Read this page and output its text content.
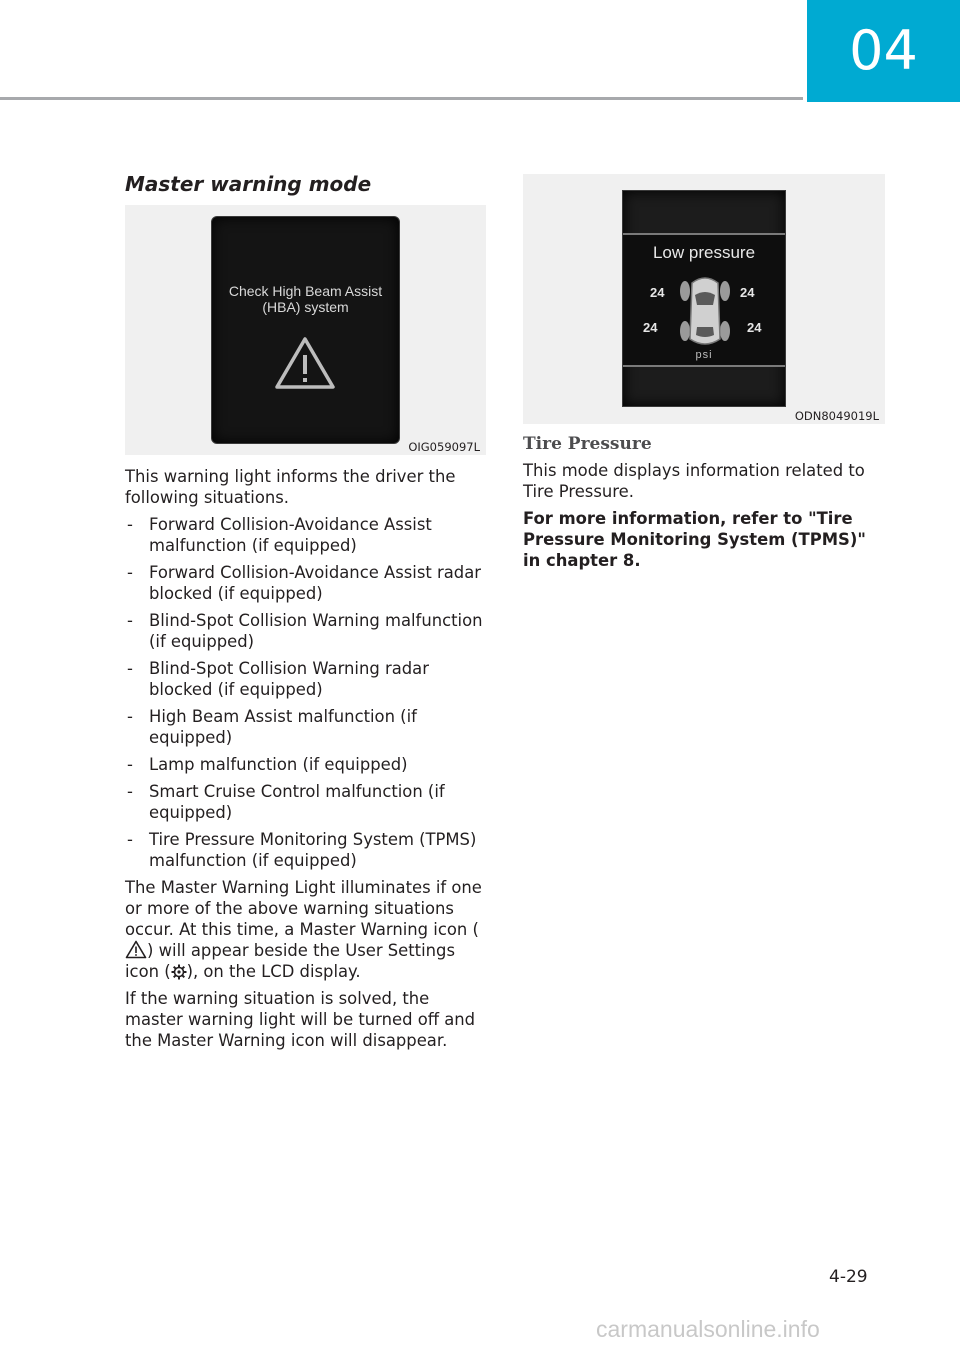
04
Master warning mode
Check High Beam Assist
(HBA) system
OIG059097L
Low pressure
24	24
24	24
psi
ODN8049019L

This warning light informs the driver the following situations.

- Forward Collision-Avoidance Assist malfunction (if equipped)
- Forward Collision-Avoidance Assist radar blocked (if equipped)
- Blind-Spot Collision Warning malfunction (if equipped)
- Blind-Spot Collision Warning radar blocked (if equipped)
- High Beam Assist malfunction (if equipped)
- Lamp malfunction (if equipped)
- Smart Cruise Control malfunction (if equipped)
- Tire Pressure Monitoring System (TPMS) malfunction (if equipped)

The Master Warning Light illuminates if one or more of the above warning situations occur. At this time, a Master Warning icon () will appear beside the User Settings icon ( ), on the LCD display.

If the warning situation is solved, the master warning light will be turned off and the Master Warning icon will disappear.

Tire Pressure

This mode displays information related to Tire Pressure.

For more information, refer to "Tire Pressure Monitoring System (TPMS)" in chapter 8.

4-29
carmanualsonline.info
